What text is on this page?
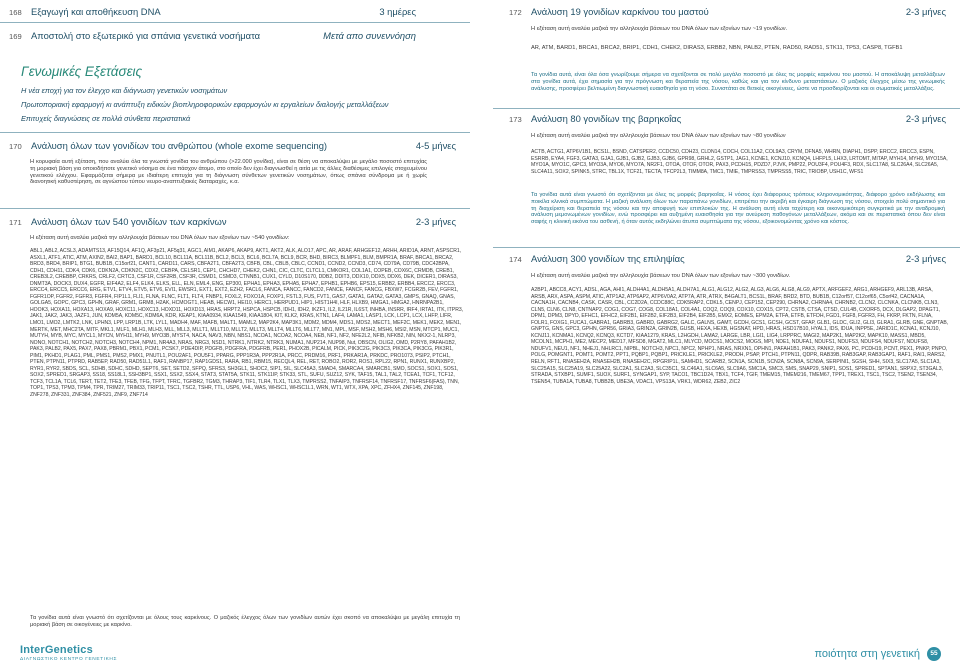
168 Εξαγωγή και αποθήκευση DNA	3 ημέρες
169 Αποστολή στο εξωτερικό για σπάνια γενετικά νοσήματα	Μετά απο συνεννόηση
Γενωμικές Εξετάσεις
Η νέα εποχή για τον έλεγχο και διάγνωση γενετικών νοσημάτων
Πρωτοποριακή εφαρμογή κι ανάπτυξη ειδικών βιοπληροφορικών εφαρμογών κι εργαλείων διαλογής μεταλλάξεων
Επιτυχείς διαγνώσεις σε πολλά σύνθετα περιστατικά
170 Ανάλυση όλων των γονιδίων του ανθρώπου (whole exome sequencing)	4-5 μήνες

Η κορυφαία αυτή εξέταση, που αναλύει όλα τα γνωστά γονίδια του ανθρώπου (>22.000 γονίδια), είναι σε θέση να αποκαλύψει με μεγάλο ποσοστό επιτυχίας τη μοριακή βάση για οποιοδήποτε γενετικό νόσημα σε ένα πάσχον άτομο, στο οποίο δεν έχει διαγνωσθεί η αιτία με τις άλλες διαθέσιμες επιλογές στοχευμένου γενετικού ελέγχου. Εφαρμόζεται σήμερα με ιδιαίτερη επιτυχία για τη διάγνωση σύνθετων γενετικών νοσημάτων, όπως σπάνια σύνδρομα με ή χωρίς διανοητική καθυστέρηση, σε αγνώστου τύπου νευρο-αναπτυξιακές διαταραχές, κ.α.

171 Ανάλυση όλων των 540 γονιδίων των καρκίνων	2-3 μήνες

Η εξέταση αυτή αναλύει μαζικά την αλληλουχία βάσεων του DNA όλων των εξονίων των ~540 γονιδίων:

ABL1, ABL2, ACSL3, ADAMTS13, AF15Q14, AF1Q, AF3p21, AF5q31, AGC1, AIM1, AKAP6, AKAP9, AKT1, AKT2, ALK, ALO17, APC, AR, ARAF, ARHGEF12, ARHH, ARID1A, ARNT, ASPSCR1, ASXL1, ATF1, ATIC, ATM, AXIN2, BAI2, BAP1, BARD1, BCL10, BCL11A, BCL11B, BCL2, BCL3, BCL6, BCL7A, BCL9, BCR, BHD, BIRC3, BLMPF1, BLM, BMPR1A, BRAF, BRCA1, BRCA2, BRD3, BRD4, BRIP1, BTG1, BUB1B, C15orf21, CANT1, CARD11, CARS, CBFA2T1, CBFA2T3, CBFB, CBL, CBLB, CBLC, CCND1, CCND2, CCND3, CD74, CD79A, CD79B, CDC42BPA, CDH1, CDH11, CDK4, CDK6, CDKN2A, CDKN2C, CDX2, CEBPA, CELSR1, CEP1, CHCHD7, CHEK2, CHN1, CIC, CLTC, CLTCL1, CMKOR1, COL1A1, COPEB, COX6C, CRMDB, CREB1, CREB3L2, CREBBP, CRKRS, CRLF2, CRTC3, CSF1R, CSF2RB, CSF3R, CSMD1, CSMD3, CTNNB1, CUX1, CYLD, D10S170, DDB2, DDIT3, DDX10, DDX5, DDX6, DEK, DICER1, DIRAS3, DNMT3A, DOCK3, DUX4, EGFR, EIF4A2, ELF4, ELK4, ELKS, ELL, ELN, EML4, ENG, EP300, EPHA1, EPHA3, EPHA5, EPHA7, EPHB1, EPHB6, EPS15, ERBB2, ERBB4, ERCC2, ERCC3, ERCC4, ERCC5, ERCC6, ERG, ETV1, ETV4, ETV5, ETV6, EVI1, EWSR1, EXT1, EXT2, EZH2, FACL6, FANCA, FANCC, FANCD2, FANCE, FANCF, FANCG, FBXW7, FCGR2B, FEV, FGFR1, FGFR1OP, FGFR2, FGFR3, FGFR4, FIP1L1, FLI1, FLNA, FLNC, FLT1, FLT4, FNBP1, FOXL2, FOXO1A, FOXP1, FSTL3, FUS, FVT1, GAS7, GATA1, GATA2, GATA3, GMPS, GNAQ, GNAS, GOLGA5, GOPC, GPC3, GPHN, GRAF, GRM1, GRM8, H2AK, HCMOGT1, HEAB, HECW1, HEI10, HERC1, HERPUD1, HIP1, HIST1H4I, HLF, HLXB9, HMGA1, HMGA2, HNRNPA2B1, HOOK3, HOXA11, HOXA13, HOXA9, HOXC11, HOXC13, HOXD11, HOXD13, HRAS, HRPT2, HSPCA, HSPCB, IDH1, IDH2, IKZF1, IL2, IL21R, IL6ST, INHBA, INSRR, IRF4, IRTA1, ITK, ITPR3, JAK1, JAK2, JAK3, JAZF1, JUN, KDM5A, KDM5C, KDM6A, KDR, KEAP1, KIAA0934, KIAA1549, KIAA1804, KIT, KLK2, KRAS, KTN1, LAF4, LAMA1, LASP1, LCK, LCP1, LCX, LHFP, LIFR, LMO1, LMO2, LMTK2, LNK, LPHN3, LPP, LRP1B, LTK, LYL1, MADH4, MAF, MAFB, MALT1, MAML2, MAP2K4, MAP3K1, MDM2, MDM4, MDS1, MDS2, MECT1, MEF2C, MEK1, MEK2, MEN1, MERTK, MET, MHC2TA, MITF, MKL1, MLF1, MLH1, MLH3, MLL, MLL3, MLLT1, MLLT10, MLLT2, MLLT3, MLLT4, MLLT6, MLLT7, MN1, MPL, MSF, MSH2, MSH6, MSI2, MSN, MTCP1, MUC1, MUTYH, MYB, MYC, MYCL1, MYCN, MYH11, MYH9, MYO3B, MYST4, NACA, NAV3, NBN, NBS1, NCOA1, NCOA2, NCOA4, NEB, NF1, NF2, NFE2L2, NFIB, NFKB2, NIN, NKX2-1, NLRP3, NONO, NOTCH1, NOTCH2, NOTCH3, NOTCH4, NPM1, NR4A3, NRAS, NRG3, NSD1, NTRK1, NTRK2, NTRK3, NUMA1, NUP214, NUP98, Nut, OBSCN, OLIG2, OMD, P2RY8, PAFAH1B2, PAK3, PALB2, PAX5, PAX7, PAX8, PBRM1, PBX1, PCM1, PCSK7, PDE4DIP, PDGFB, PDGFRA, PDGFRB, PER1, PHOX2B, PICALM, PICK, PIK3C2G, PIK3C3, PIK3CA, PIK3CG, PIK3R1, PIM1, PKHD1, PLAG1, PML, PMS1, PMS2, PMX1, PNUTL1, POU2AF1, POU5F1, PPARG, PPP1R3A, PPP2R1A, PRCC, PRDM16, PRF1, PRKAR1A, PRKDC, PRO1073, PSIP2, PTCH1, PTEN, PTPN11, PTPRD, RAB5EP, RAD50, RAD51L1, RAF1, RANBP17, RAP1GDS1, RARA, RB1, RBM15, RECQL4, REL, RET, ROBO2, ROR2, ROS1, RPL22, RPN1, RUNX1, RUNXBP2, RYR1, RYR2, SBDS, SCL, SDHB, SDHC, SDHD, SEPT6, SET, SETD2, SFPQ, SFRS3, SH3GL1, SHOC2, SIP1, SIL, SLC45A3, SMAD4, SMARCA4, SMARCB1, SMO, SOCS1, SOX1, SOS1, SOX2, SPRED1, SRGAP3, SS18, SS18L1, SSH3BP1, SSX1, SSX2, SSX4, STAT3, STAT5A, STK11, STK11IP, STK33, STL, SUFU, SUZ12, SYK, TAF15, TAL1, TAL2, TCEA1, TCF1, TCF12, TCF3, TCL1A, TCL6, TERT, TET2, TFE3, TFEB, TFG, TFPT, TFRC, TGFBR2, TGM3, THRAP3, TIF1, TLR4, TLX1, TLX3, TMPRSS2, TNFAIP3, TNFRSF14, TNFRSF17, TNFRSF6(FAS), TNN, TOP1, TPS3, TPM3, TPM4, TPR, TRIM27, TRIM33, TRIP11, TSC1, TSC2, TSHR, TTL, USP6, VHL, WAS, WHSC1, WHSC1L1, WRN, WT1, WTX, XPA, XPC, ZFHX4, ZNF145, ZNF198, ZNF278, ZNF331, ZNF384, ZNF521, ZNF9, ZNF714

Τα γονίδια αυτά είναι γνωστό ότι σχετίζονται με όλους τους καρκίνους. Ο μαζικός έλεγχος όλων των γονιδίων αυτών έχει σκοπό να αποκαλύψει με μεγάλη επιτυχία τη μοριακή βάση σε οικογένειες με καρκίνο.

172 Ανάλυση 19 γονιδίων καρκίνου του μαστού	2-3 μήνες

Η εξέταση αυτή αναλύει μαζικά την αλληλουχία βάσεων του DNA όλων των εξονίων των ~19 γονιδίων.

AR, ATM, BARD1, BRCA1, BRCA2, BRIP1, CDH1, CHEK2, DIRAS3, ERBB2, NBN, PALB2, PTEN, RAD50, RAD51, STK11, TP53, CASP8, TGFB1

Τα γονίδια αυτά, είναι όλα όσα γνωρίζουμε σήμερα να σχετίζονται σε πολύ μεγάλο ποσοστό με όλες τις μορφές καρκίνου του μαστού. Η αποκάλυψη μεταλλάξεων στα γονίδια αυτά, έχει σημασία για την πρόγνωση και θεραπεία της νόσου, καθώς και για τον κίνδυνο μεταστάσεων. Ο μαζικός έλεγχος μέσω της γενωμικής ανάλυσης, προσφέρει βελτιωμένη διαγνωστική ευαισθησία για τη νόσο. Συνιστάται σε θετικές οικογένειες, ώστε να προσδιορίζονται και οι σωματικές μεταλλάξεις.

173 Ανάλυση 80 γονιδίων της βαρηκοΐας	2-3 μήνες

Η εξέταση αυτή αναλύει μαζικά την αλληλουχία βάσεων του DNA όλων των εξονίων των ~80 γονιδίων

ACTB, ACTG1, ATP6V1B1, BCS1L, BSND, CATSPER2, CCDC50, CDH23, CLDN14, COCH, COL11A2, COL9A3, CRYM, DFNA5, WHRN, DIAPH1, DSPP, ERCC2, ERCC3, ESPN, ESRRB, EYA4, FGF3, GATA3, GJA1, GJB1, GJB2, GJB3, GJB6, GPR98, GRHL2, GSTP1, JAG1, KCNE1, KCNJ10, KCNQ4, LHFPL5, LHX3, LRTOMT, MITAP, MYH14, MYH9, MYO15A, MYO1A, MYO1C, GPC3, MYO3A, MYO6, MYO7A, NR2F1, OTOA, OTOF, OTOR, PAX3, PCDH15, PDZD7, PJVK, PMP22, POU3F4, POU4F3, RDX, SLC17A8, SLC26A4, SLC26A5, SLC4A11, SOX2, SPINK5, STRC, TBL1X, TCF21, TECTA, TFCP2L3, TIMM8A, TMC1, TMIE, TMPRSS3, TMPRSS5, TRIC, TRIOBP, USH1C, WFS1

Τα γονίδια αυτά είναι γνωστό ότι σχετίζονται με όλες τις μορφές βαρηκοΐας. Η νόσος έχει διάφορους τρόπους κληρονομικότητας, διάφορο χρόνο εκδήλωσης και ποικίλα κλινικά συμπτώματα. Η μαζική ανάλυση όλων των παραπάνω γονιδίων, επιτρέπει την ακριβή και έγκαιρη διάγνωση της νόσου, στοιχείο πολύ σημαντικό για τη διαχείριση και θεραπεία της νόσου και την αποφυγή των επιπλοκών της. Η ανάλυση αυτή είναι ταχύτερη και οικονομικότερη συγκριτικά με την αναδρομική ανάλυση μεμονωμένων γονιδίων, ενώ προσφέρει και αυξημένη ευαισθησία για την ανεύρεση παθογόνων μεταλλάξεων, ακόμα και σε περιστατικά όπου δεν είναι σαφής η κλινική εικόνα του ασθενή, ή όταν αυτός εκδηλώνει άτυπα συμπτώματα της νόσου, εξοικονομώντας χρόνο και κόστος.

174 Ανάλυση 300 γονιδίων της επιληψίας	2-3 μήνες

Η εξέταση αυτή αναλύει μαζικά την αλληλουχία βάσεων του DNA όλων των εξονίων των ~300 γονιδίων.

A2BP1, ABCC8, ACY1, ADSL, AGA, AHI1, ALDH4A1, ALDH5A1, ALDH7A1, ALG1, ALG12, ALG2, ALG3, ALG6, ALG8, ALG9, APTX, ARFGEF2, ARG1, ARHGEF9, ARL13B, ARSA, ARSB, ARX, ASPA, ASPM, ATIC, ATP1A2, ATP6AP2, ATP6V0A2, ATP7A, ATR, ATRX, B4GALT1, BCS1L, BRAF, BRD2, BTD, BUB1B, C12orf57, C12orf65, C5orf42, CACNA1A, CACNA1H, CACNB4, CASK, CASR, CBL, CC2D2A, CCDC88C, CDK5RAP2, CDKL5, CENPJ, CEP152, CEP290, CHRNA2, CHRNA4, CHRNB2, CLCN2, CLCNKA, CLCNKB, CLN3, CLN5, CLN6, CLN8, CNTNAP2, COG1, COG7, COG8, COL18A1, COL4A1, COQ2, COQ9, COX10, COX15, CPT2, CSTB, CTSA, CTSD, CUL4B, CXORF5, DCX, DLGAP2, DPAGT1, DPM1, DPM3, DPYD, EFHC1, EFHC2, EIF2B1, EIF2B2, EIF2B3, EIF2B4, EIF2B5, EMX2, EOMES, EPM2A, ETFA, ETFB, ETFDH, FGD1, FGF8, FGFR3, FH, FKRP, FKTN, FLNA, FOLR1, FOXG1, FUCA1, GABRA1, GABRB3, GABRD, GABRG2, GALC, GALNS, GAMT, GCDH, GCS1, GCSH, GCST, GFAP, GLB1, GLDC, GLI2, GLI3, GLRA1, GLRB, GNE, GNPTAB, GNPTG, GNS, GPC3, GPHN, GPR56, GRIA3, GRIN2A, GRIN2B, GUSB, HEXA, HEXB, HGSNAT, HPD, HRAS, HSD17B10, HYAL1, IDS, IDUA, INPP5E, JARID1C, KCNA1, KCNJ10, KCNJ11, KCNMA1, KCNQ2, KCNQ3, KCTD7, KIAA1279, KRAS, L2HGDH, LAMA2, LARGE, LBR, LGI1, LIG4, LRPPRC, MAGI2, MAP2K1, MAP2K2, MAPK10, MASS1, MBD5, MCOLN1, MCPH1, ME2, MECP2, MED17, MFSD8, MGAT2, MLC1, MLYCD, MOCS1, MOCS2, MOGS, MPI, NDE1, NDUFA1, NDUFS1, NDUFS3, NDUFS4, NDUFS7, NDUFS8, NDUFV1, NEU1, NF1, NHEJ1, NHLRC1, NIPBL, NOTCH3, NPC1, NPC2, NPHP1, NRAS, NRXN1, OPHN1, PAFAH1B1, PAK3, PANK2, PAX6, PC, PCDH19, PCNT, PEX1, PNKP, PNPO, POLG, POMGNT1, POMT1, POMT2, PPT1, PQBP1, PQBP1, PRICKLE1, PRICKLE2, PRODH, PSAP, PTCH1, PTPN11, QDPR, RAB39B, RAB3GAP, RAB3GAP1, RAF1, RAI1, RARS2, RELN, RFT1, RNASEH2A, RNASEH2B, RNASEH2C, RPGRIP1L, SAMHD1, SCARB2, SCN1A, SCN1B, SCN2A, SCN8A, SCN9A, SERPINI1, SGSH, SHH, SIX3, SLC17A5, SLC1A3, SLC25A15, SLC25A19, SLC25A22, SLC2A1, SLC2A3, SLC35C1, SLC46A1, SLC6A5, SLC9A6, SMC1A, SMC3, SMS, SNAP29, SNIP1, SOS1, SPRED1, SPTAN1, SRPX2, ST3GAL3, STRADA, STXBP1, SUMF1, SUOX, SURF1, SYNGAP1, SYP, TACO1, TBC1D24, TBX1, TCF4, TGIF, TMEM15, TMEM216, TMEM67, TPP1, TREX1, TSC1, TSC2, TSEN2, TSEN34, TSEN54, TUBA1A, TUBA8, TUBB2B, UBE3A, VDAC1, VPS13A, VRK1, WDR62, ZEB2, ZIC2

InterGenetics
ΔΙΑΓΝΩΣΤΙΚΟ ΚΕΝΤΡΟ ΓΕΝΕΤΙΚΗΣ	ποιότητα στη γενετική	55
